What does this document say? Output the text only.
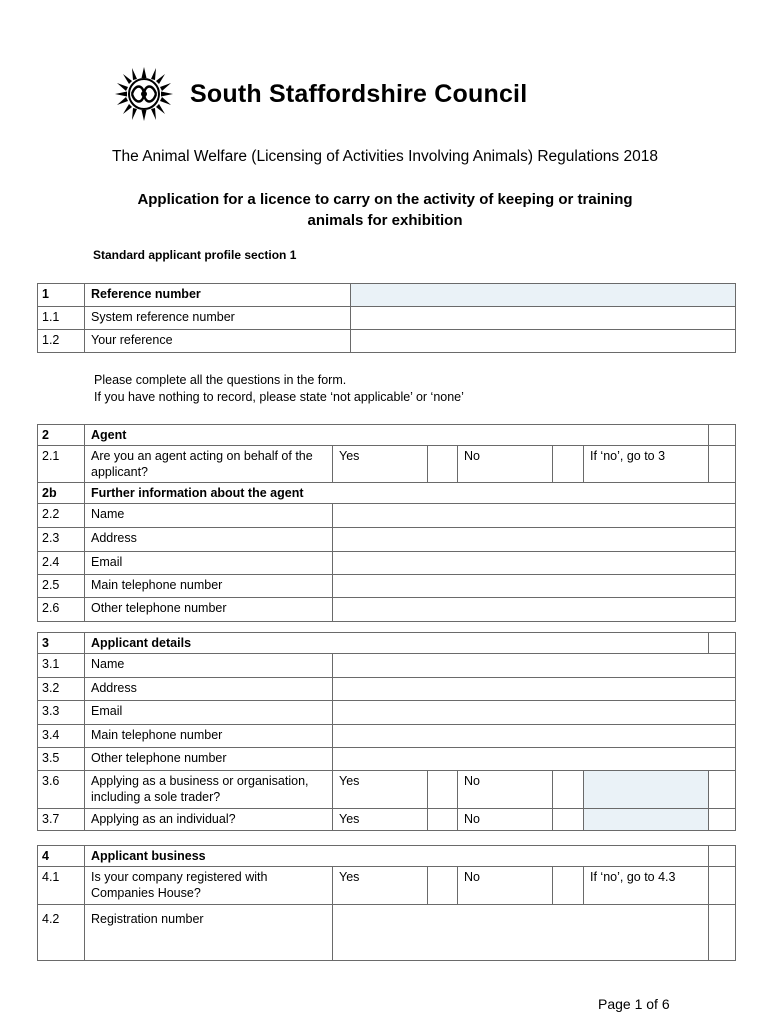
South Staffordshire Council
The Animal Welfare (Licensing of Activities Involving Animals) Regulations 2018
Application for a licence to carry on the activity of keeping or training
animals for exhibition
Standard applicant profile section 1
1	Reference number	
1.1	System reference number	
1.2	Your reference	
Please complete all the questions in the form.
If you have nothing to record, please state ‘not applicable’ or ‘none’
2	Agent						
2.1	Are you an agent acting on behalf of the applicant?	Yes		No		If ‘no’, go to 3	
2b	Further information about the agent						
2.2	Name						
2.3	Address						
2.4	Email						
2.5	Main telephone number						
2.6	Other telephone number						
3	Applicant details						
3.1	Name						
3.2	Address						
3.3	Email						
3.4	Main telephone number						
3.5	Other telephone number						
3.6	Applying as a business or organisation, including a sole trader?	Yes		No			
3.7	Applying as an individual?	Yes		No			
4	Applicant business						
4.1	Is your company registered with Companies House?	Yes		No		If ‘no’, go to 4.3	
4.2	Registration number						
Page 1 of 6
